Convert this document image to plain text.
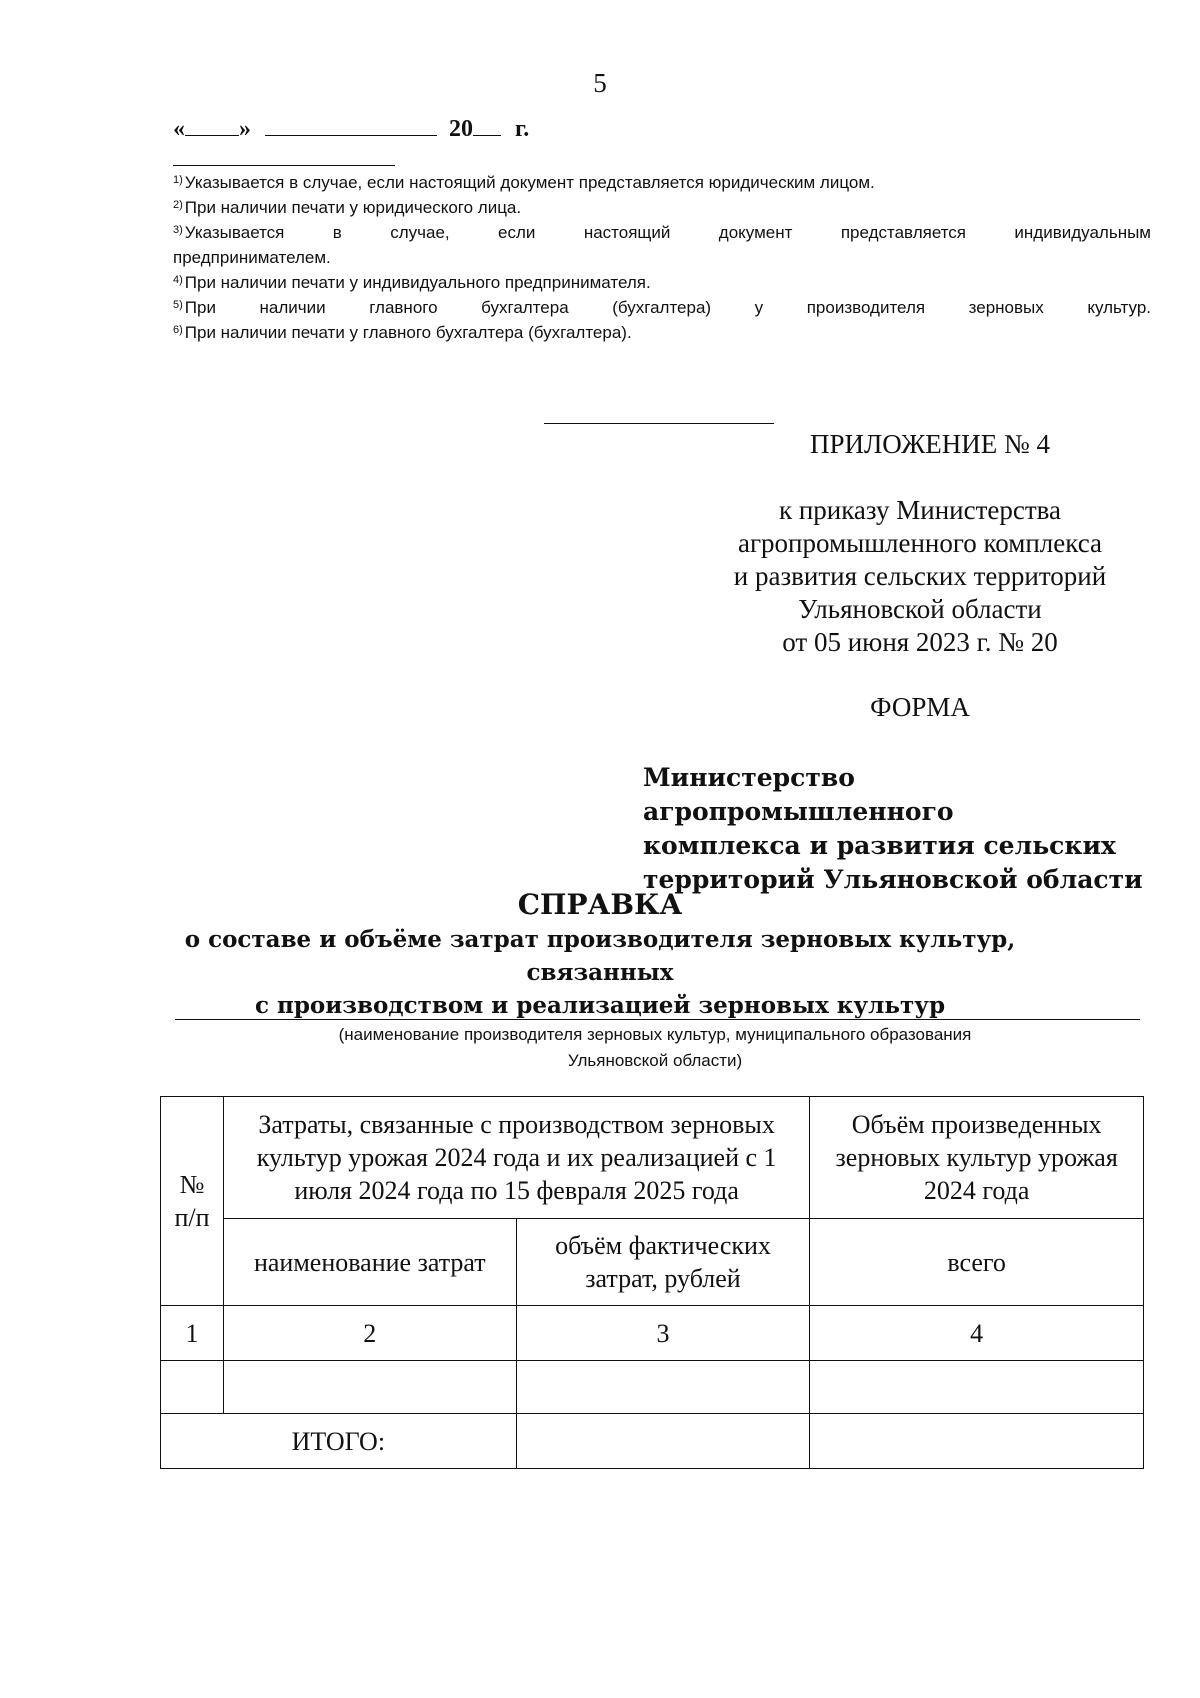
5
« »	20 г.

$^{1)}$ Указывается в случае, если настоящий документ представляется юридическим лицом.

$^{2)}$ При наличии печати у юридического лица.

$^{3)}$ Указывается в случае, если настоящий документ представляется индивидуальным

предпринимателем.

$^{4)}$ При наличии печати у индивидуального предпринимателя.

$^{5)}$ При наличии главного бухгалтера (бухгалтера) у производителя зерновых культур.

$^{6)}$ При наличии печати у главного бухгалтера (бухгалтера).

ПРИЛОЖЕНИЕ № 4
к приказу Министерства
агропромышленного комплекса
и развития сельских территорий
Ульяновской области
от 05 июня 2023 г. № 20
ФОРМА
Министерство агропромышленного
комплекса и развития сельских
территорий Ульяновской области
СПРАВКА
о составе и объёме затрат производителя зерновых культур, связанных
с производством и реализацией зерновых культур
(наименование производителя зерновых культур, муниципального образования
Ульяновской области)
№ п/п	Затраты, связанные с производством зерновых культур урожая 2024 года и их реализацией с 1 июля 2024 года по 15 февраля 2025 года		Объём произведенных зерновых культур урожая 2024 года
	наименование затрат	объём фактических затрат, рублей	всего
1	2	3	4

ИТОГО:			
